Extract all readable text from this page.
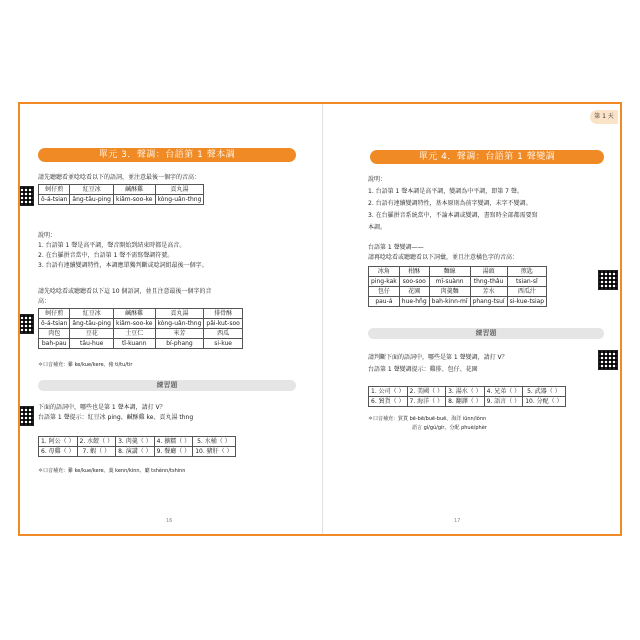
單元 3．聲調：台語第 1 聲本調
請先聽聽看並唸唸看以下的語詞，並注意最後一個字的音高：
蚵仔煎	紅豆冰	鹹酥雞	貢丸湯
ô-á-tsian	âng-tāu-ping	kiâm-soo-ke	kòng-uân-thng
說明：
1. 台語第 1 聲是高平調，聲音開始到結束時都是高音。
2. 在台羅拼音當中，台語第 1 聲不需寫聲調符號。
3. 台語有連續變調特性，本調應單獨判斷或唸詞組最後一個字。
請先唸唸看或聽聽看以下這 10 個語詞，並且注意最後一個字的音
高：
蚵仔煎	紅豆冰	鹹酥雞	貢丸湯	排骨酥
ô-á-tsian	âng-tāu-ping	kiâm-soo-ke	kòng-uân-thng	pâi-kut-soo
肉包	豆花	土豆仁	米芳	西瓜
bah-pau	tāu-hue	tī-kuann	bí-phang	si-kue
＊口音補充：雞 ke/kue/kere、豬 ti/tu/tir
練習題
下面的語詞中，哪些也是第 1 聲本調，請打 V？
台語第 1 聲提示：紅豆冰 ping、鹹酥雞 ke、貢丸湯 thng
1. 阿公（ ）	2. 水餃（ ）	3. 肉羹（ ）	4. 擴糯（ ）	5. 水桶（ ）
6. 母雞（ ）	7. 蝦（ ）	8. 演講（ ）	9. 餐廳（ ）	10. 豬肝（ ）
＊口音補充：雞 ke/kue/kere、羹 kenn/kinn、廳 tshènn/tshinn
16
第 1 天
單元 4．聲調：台語第 1 聲變調
說明：
1. 台語第 1 聲本調是高平調，變調為中平調，即第 7 聲。
2. 台語有連續變調特性，基本原則為前字變調，末字不變調。
3. 在台羅拼音系統當中，不論本調或變調，書寫時全部都需要寫
本調。
台語第 1 聲變調——
請再唸唸看或聽聽看以下詞彙，並且注意橘色字的音高：
冰角	柑酥	麵線	湯頭	煎匙
ping-kak	soo-soo	mī-suànn	thng-thâu	tsian-sî
包仔	花園	肉羹麵	芳水	西瓜汁
pau-á	hue-hn̂g	bah-kinn-mī	phang-tsuí	si-kue-tsiap
練習題
請判斷下面的語詞中，哪些是第 1 聲變調，請打 V？
台語第 1 聲變調提示：雞排、包仔、花園
1. 公司（ ）	2. 美國（ ）	3. 湯水（ ）	4. 兄弟（ ）	5. 武器（ ）
6. 貿貨（ ）	7. 海洋（ ）	8. 翻譯（ ）	9. 語言（ ）	10. 分配（ ）
＊口音補充：貿貨 bē-bē/buē-buē、海洋 iûnn/iônn
語言 gí/gú/gír、分配 phuè/phèr
17
